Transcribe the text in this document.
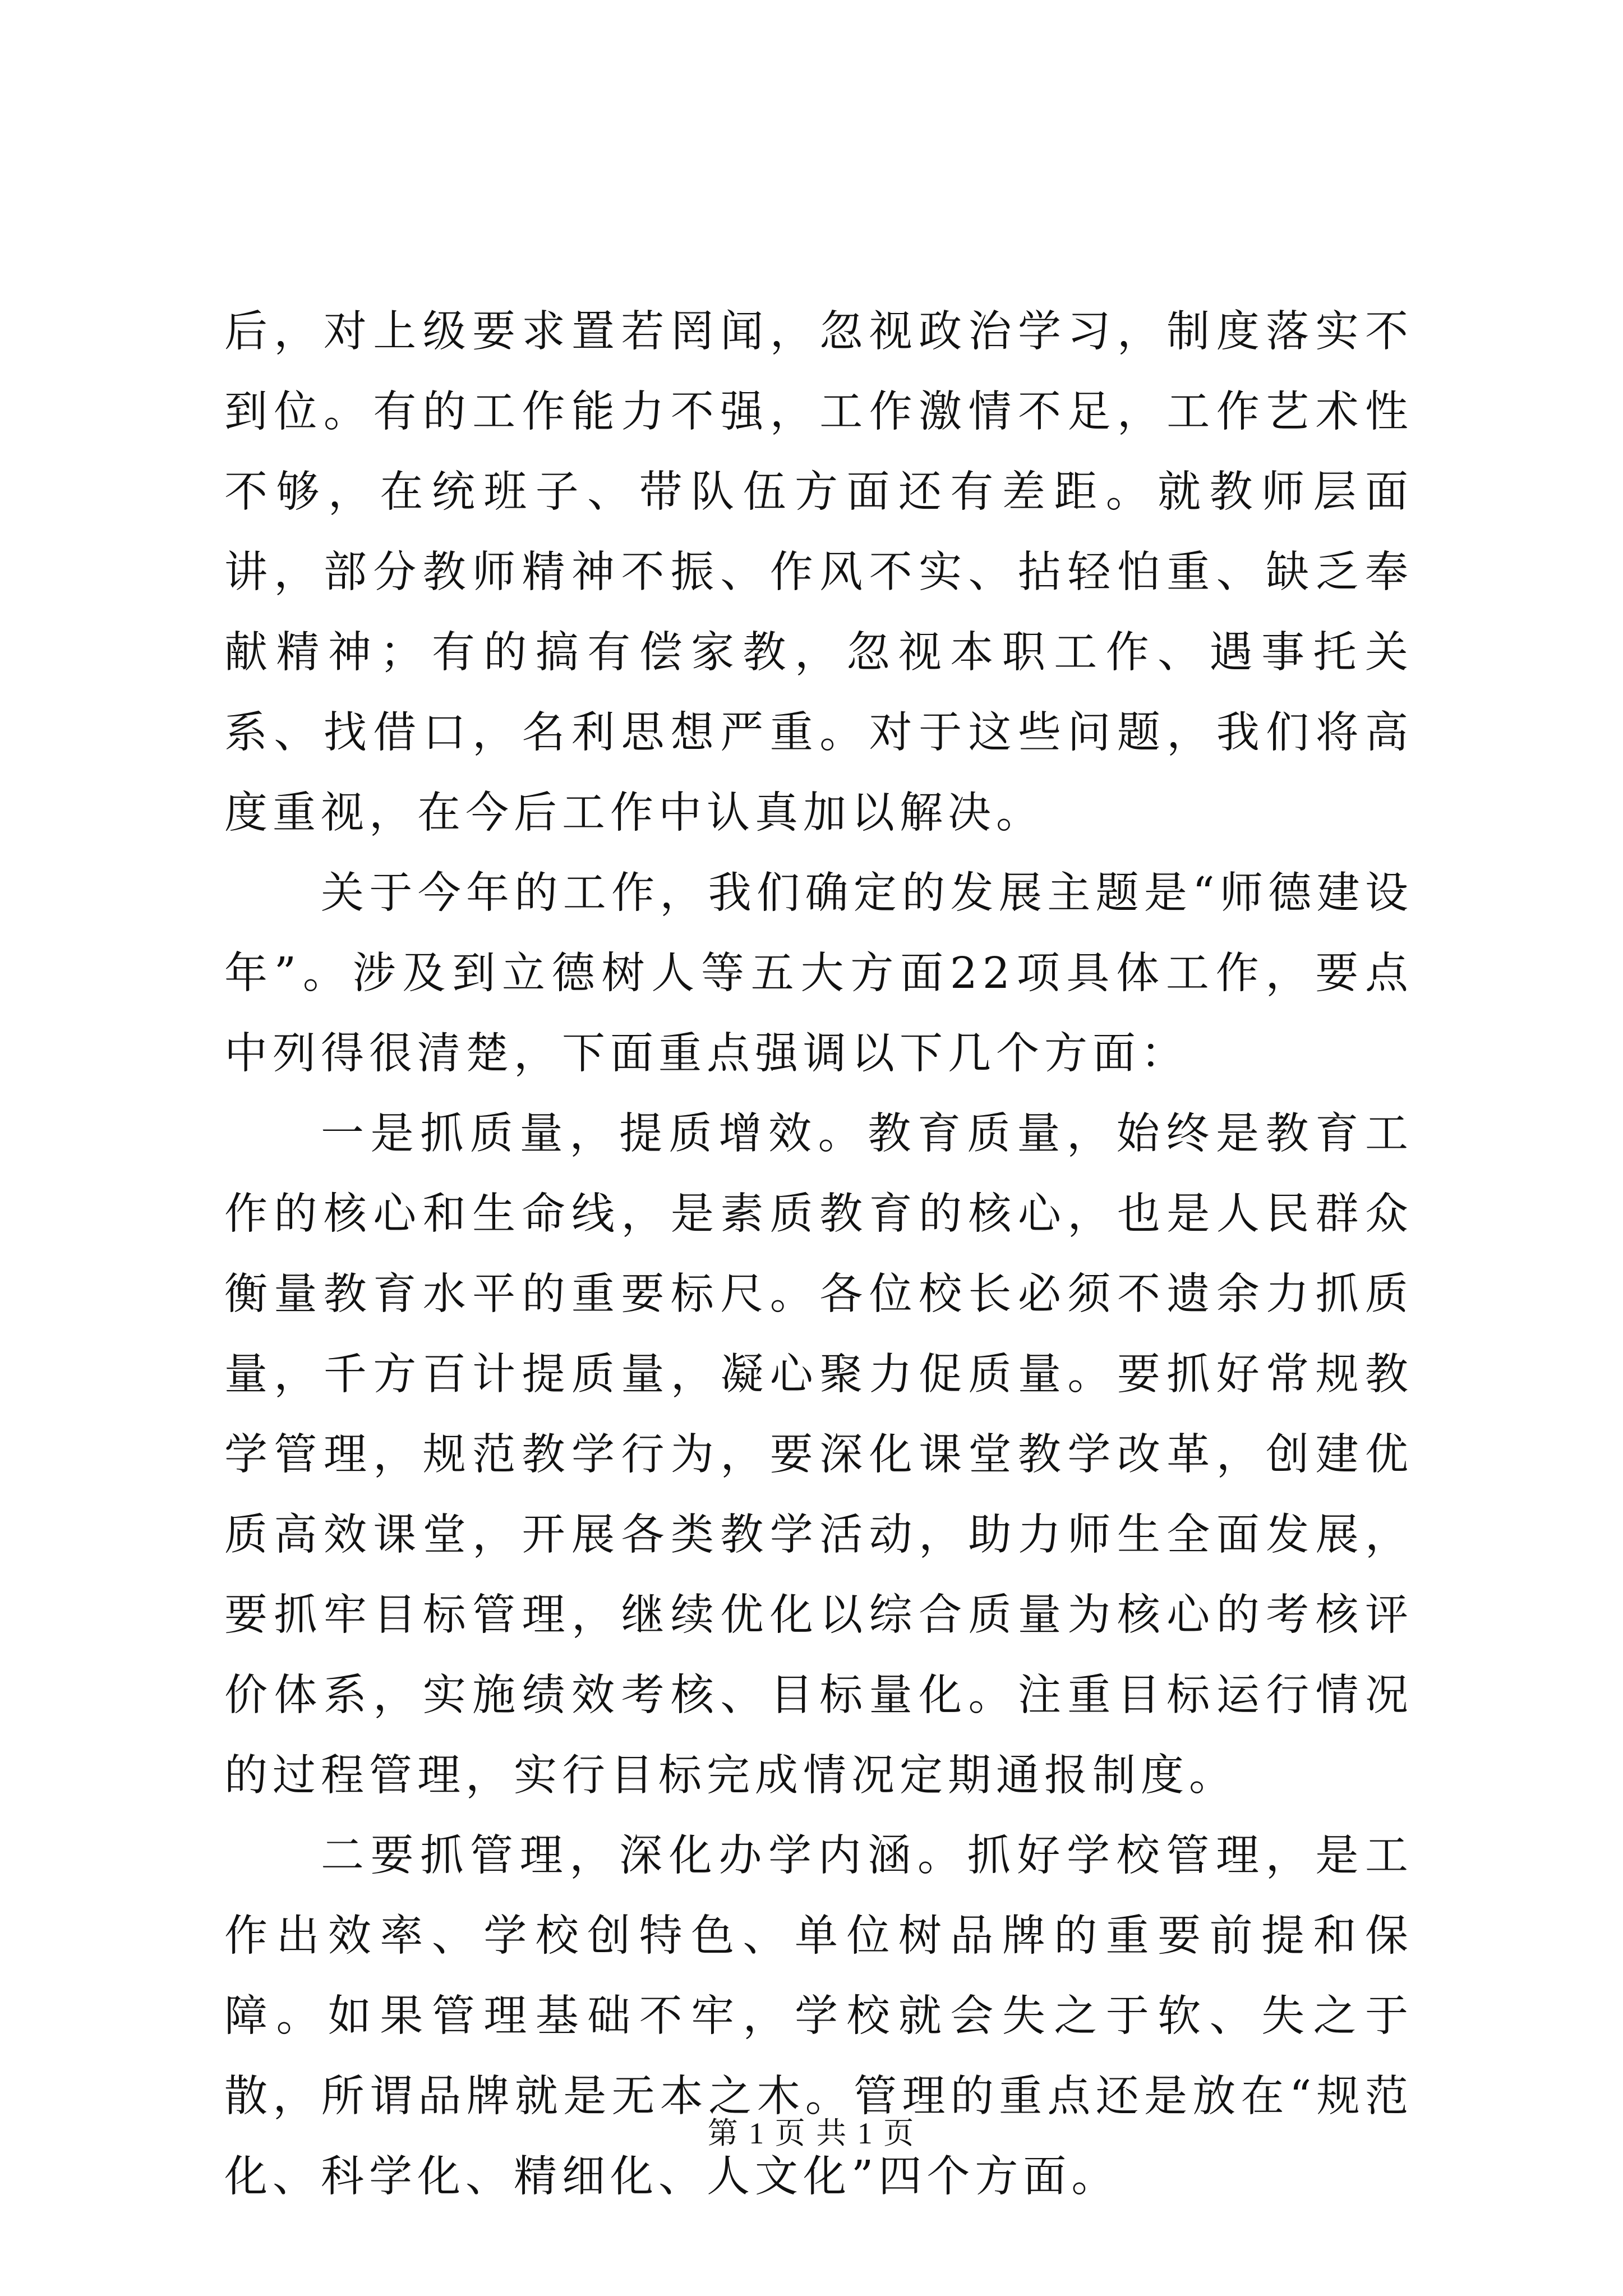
后，对上级要求置若罔闻，忽视政治学习，制度落实不到位。有的工作能力不强，工作激情不足，工作艺术性不够，在统班子、带队伍方面还有差距。就教师层面讲，部分教师精神不振、作风不实、拈轻怕重、缺乏奉献精神；有的搞有偿家教，忽视本职工作、遇事托关系、找借口，名利思想严重。对于这些问题，我们将高度重视，在今后工作中认真加以解决。

关于今年的工作，我们确定的发展主题是“师德建设年”。涉及到立德树人等五大方面22项具体工作，要点中列得很清楚，下面重点强调以下几个方面：

一是抓质量，提质增效。教育质量，始终是教育工作的核心和生命线，是素质教育的核心，也是人民群众衡量教育水平的重要标尺。各位校长必须不遗余力抓质量，千方百计提质量，凝心聚力促质量。要抓好常规教学管理，规范教学行为，要深化课堂教学改革，创建优质高效课堂，开展各类教学活动，助力师生全面发展，要抓牢目标管理，继续优化以综合质量为核心的考核评价体系，实施绩效考核、目标量化。注重目标运行情况的过程管理，实行目标完成情况定期通报制度。

二要抓管理，深化办学内涵。抓好学校管理，是工作出效率、学校创特色、单位树品牌的重要前提和保障。如果管理基础不牢，学校就会失之于软、失之于散，所谓品牌就是无本之木。管理的重点还是放在“规范化、科学化、精细化、人文化”四个方面。

第 1 页 共 1 页
